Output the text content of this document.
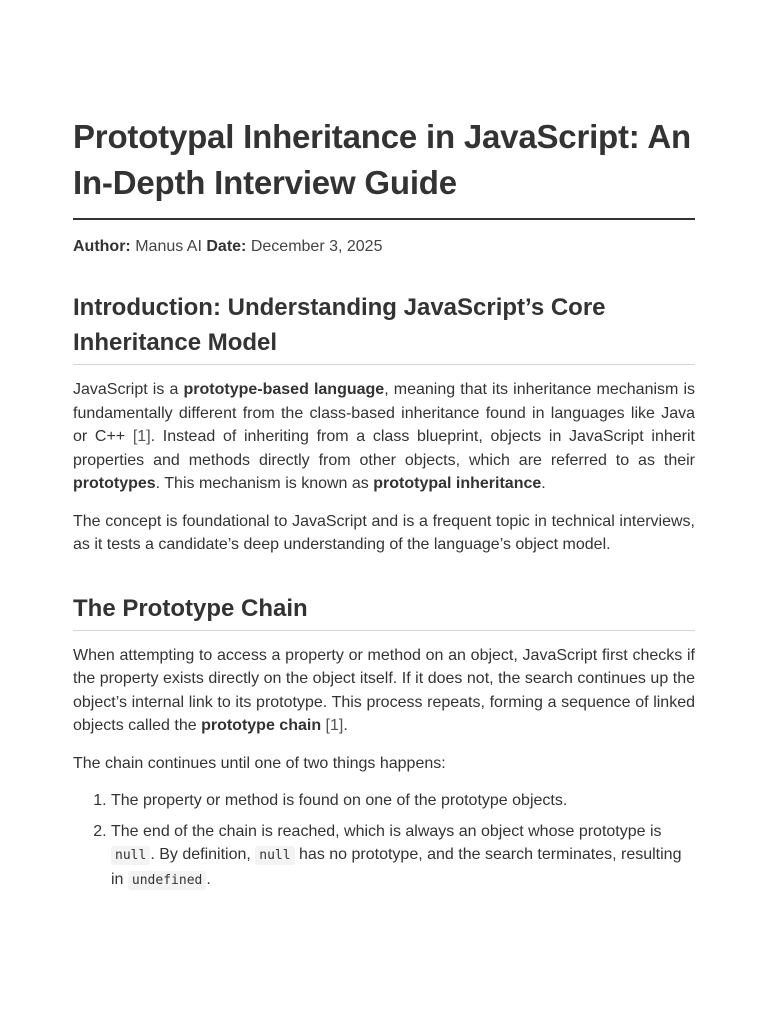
Prototypal Inheritance in JavaScript: An In-Depth Interview Guide
Author: Manus AI Date: December 3, 2025
Introduction: Understanding JavaScript’s Core Inheritance Model

JavaScript is a prototype-based language, meaning that its inheritance mechanism is fundamentally different from the class-based inheritance found in languages like Java or C++ [1]. Instead of inheriting from a class blueprint, objects in JavaScript inherit properties and methods directly from other objects, which are referred to as their prototypes. This mechanism is known as prototypal inheritance.

The concept is foundational to JavaScript and is a frequent topic in technical interviews, as it tests a candidate’s deep understanding of the language’s object model.

The Prototype Chain

When attempting to access a property or method on an object, JavaScript first checks if the property exists directly on the object itself. If it does not, the search continues up the object’s internal link to its prototype. This process repeats, forming a sequence of linked objects called the prototype chain [1].

The chain continues until one of two things happens:

1. The property or method is found on one of the prototype objects.
2. The end of the chain is reached, which is always an object whose prototype is null . By definition, null has no prototype, and the search terminates, resulting in undefined .
